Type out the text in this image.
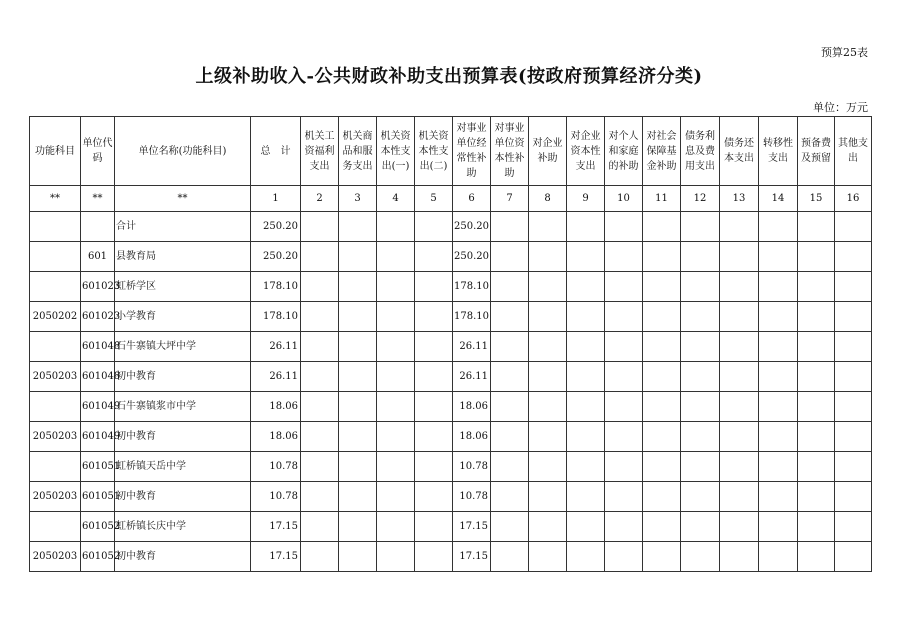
预算25表
上级补助收入-公共财政补助支出预算表(按政府预算经济分类)
单位：万元
功能科目	单位代码	单位名称(功能科目)	总　计	机关工资福利支出	机关商品和服务支出	机关资本性支出(一)	机关资本性支出(二)	对事业单位经常性补助	对事业单位资本性补助	对企业补助	对企业资本性支出	对个人和家庭的补助	对社会保障基金补助	债务利息及费用支出	债务还本支出	转移性支出	预备费及预留	其他支出
**	**	**	1	2	3	4	5	6	7	8	9	10	11	12	13	14	15	16
		合计	250.20					250.20										
	601	县教育局	250.20					250.20										
	601023	虹桥学区	178.10					178.10										
2050202	601023	小学教育	178.10					178.10										
	601048	石牛寨镇大坪中学	26.11					26.11										
2050203	601048	初中教育	26.11					26.11										
	601049	石牛寨镇浆市中学	18.06					18.06										
2050203	601049	初中教育	18.06					18.06										
	601051	虹桥镇天岳中学	10.78					10.78										
2050203	601051	初中教育	10.78					10.78										
	601052	虹桥镇长庆中学	17.15					17.15										
2050203	601052	初中教育	17.15					17.15										
